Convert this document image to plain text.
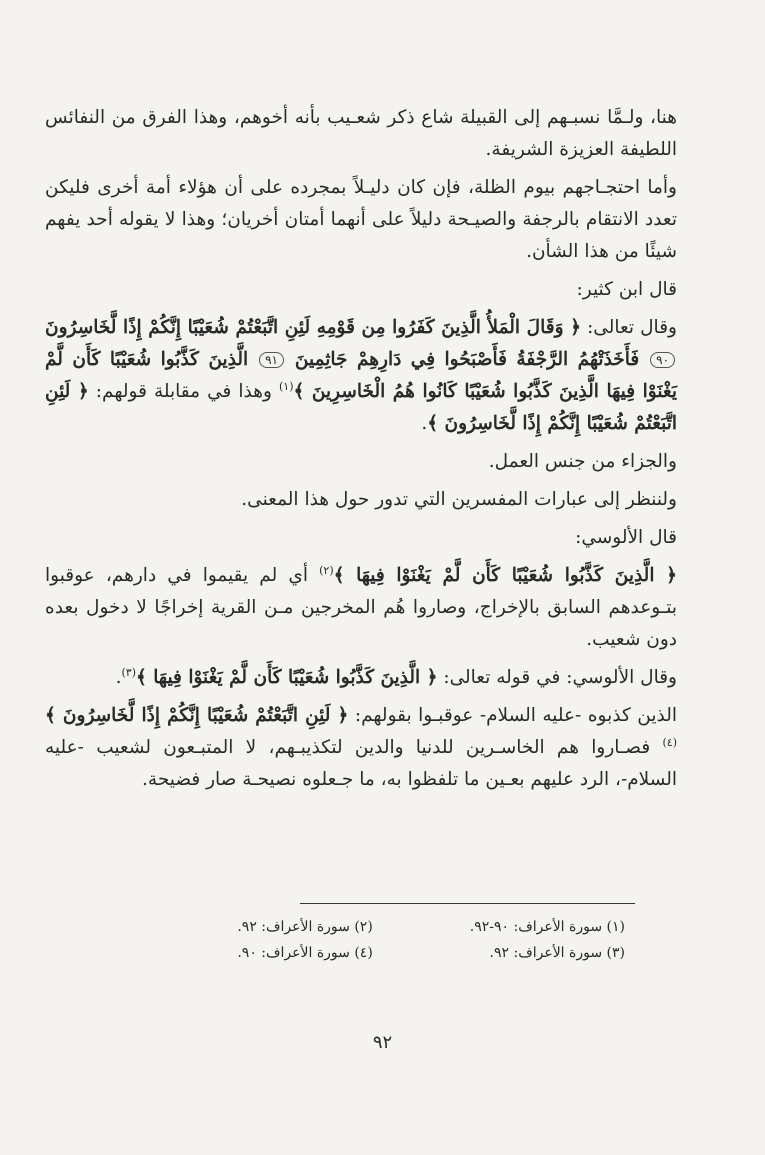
هنا، ولـمَّا نسبـهم إلى القبيلة شاع ذكر شعـيب بأنه أخوهم، وهذا الفرق من النفائس اللطيفة العزيزة الشريفة.

وأما احتجـاجهم بيوم الظلة، فإن كان دليـلاً بمجرده على أن هؤلاء أمة أخرى فليكن تعدد الانتقام بالرجفة والصيـحة دليلاً على أنهما أمتان أخريان؛ وهذا لا يقوله أحد يفهم شيئًا من هذا الشأن.

قال ابن كثير:

وقال تعالى: ﴿ وَقَالَ الْمَلأُ الَّذِينَ كَفَرُوا مِن قَوْمِهِ لَئِنِ اتَّبَعْتُمْ شُعَيْبًا إِنَّكُمْ إِذًا لَّخَاسِرُونَ ٩٠ فَأَخَذَتْهُمُ الرَّجْفَةُ فَأَصْبَحُوا فِي دَارِهِمْ جَاثِمِينَ ٩١ الَّذِينَ كَذَّبُوا شُعَيْبًا كَأَن لَّمْ يَغْنَوْا فِيهَا الَّذِينَ كَذَّبُوا شُعَيْبًا كَانُوا هُمُ الْخَاسِرِينَ ﴾$^{(١)}$ وهذا في مقابلة قولهم: ﴿ لَئِنِ اتَّبَعْتُمْ شُعَيْبًا إِنَّكُمْ إِذًا لَّخَاسِرُونَ ﴾.

والجزاء من جنس العمل.

ولننظر إلى عبارات المفسرين التي تدور حول هذا المعنى.

قال الألوسي:

﴿ الَّذِينَ كَذَّبُوا شُعَيْبًا كَأَن لَّمْ يَغْنَوْا فِيهَا ﴾$^{(٢)}$ أي لم يقيموا في دارهم، عوقبوا بتـوعدهم السابق بالإخراج، وصاروا هُم المخرجين مـن القرية إخراجًا لا دخول بعده دون شعيب.

وقال الألوسي: في قوله تعالى: ﴿ الَّذِينَ كَذَّبُوا شُعَيْبًا كَأَن لَّمْ يَغْنَوْا فِيهَا ﴾$^{(٣)}$.

الذين كذبوه -عليه السلام- عوقبـوا بقولهم: ﴿ لَئِنِ اتَّبَعْتُمْ شُعَيْبًا إِنَّكُمْ إِذًا لَّخَاسِرُونَ ﴾$^{(٤)}$ فصـاروا هم الخاسـرين للدنيا والدين لتكذيبـهم، لا المتبـعون لشعيب -عليه السلام-، الرد عليهم بعـين ما تلفظوا به، ما جـعلوه نصيحـة صار فضيحة.

(١) سورة الأعراف: ٩٠-٩٢.
(٢) سورة الأعراف: ٩٢.
(٣) سورة الأعراف: ٩٢.
(٤) سورة الأعراف: ٩٠.
٩٢
